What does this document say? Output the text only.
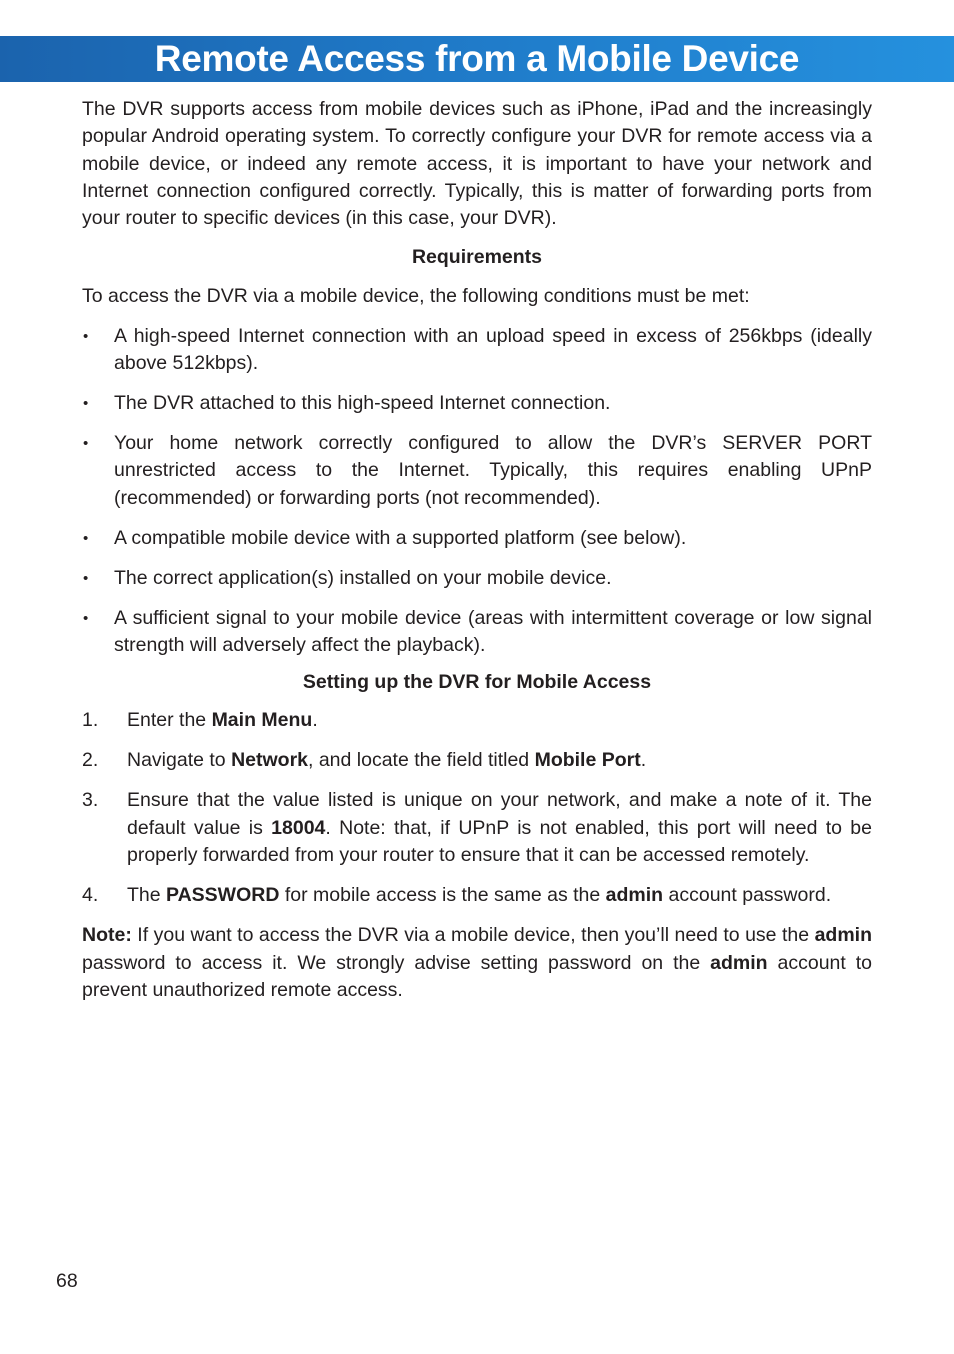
Remote Access from a Mobile Device

The DVR supports access from mobile devices such as iPhone, iPad and the increasingly popular Android operating system. To correctly configure your DVR for remote access via a mobile device, or indeed any remote access, it is important to have your network and Internet connection configured correctly. Typically, this is matter of forwarding ports from your router to specific devices (in this case, your DVR).

Requirements

To access the DVR via a mobile device, the following conditions must be met:

• A high-speed Internet connection with an upload speed in excess of 256kbps (ideally above 512kbps).
• The DVR attached to this high-speed Internet connection.
• Your home network correctly configured to allow the DVR’s SERVER PORT unrestricted access to the Internet. Typically, this requires enabling UPnP (recommended) or forwarding ports (not recommended).
• A compatible mobile device with a supported platform (see below).
• The correct application(s) installed on your mobile device.
• A sufficient signal to your mobile device (areas with intermittent coverage or low signal strength will adversely affect the playback).

Setting up the DVR for Mobile Access

1. Enter the Main Menu.
2. Navigate to Network, and locate the field titled Mobile Port.
3. Ensure that the value listed is unique on your network, and make a note of it. The default value is 18004. Note: that, if UPnP is not enabled, this port will need to be properly forwarded from your router to ensure that it can be accessed remotely.
4. The PASSWORD for mobile access is the same as the admin account password.

Note: If you want to access the DVR via a mobile device, then you’ll need to use the admin password to access it. We strongly advise setting password on the admin account to prevent unauthorized remote access.

68
